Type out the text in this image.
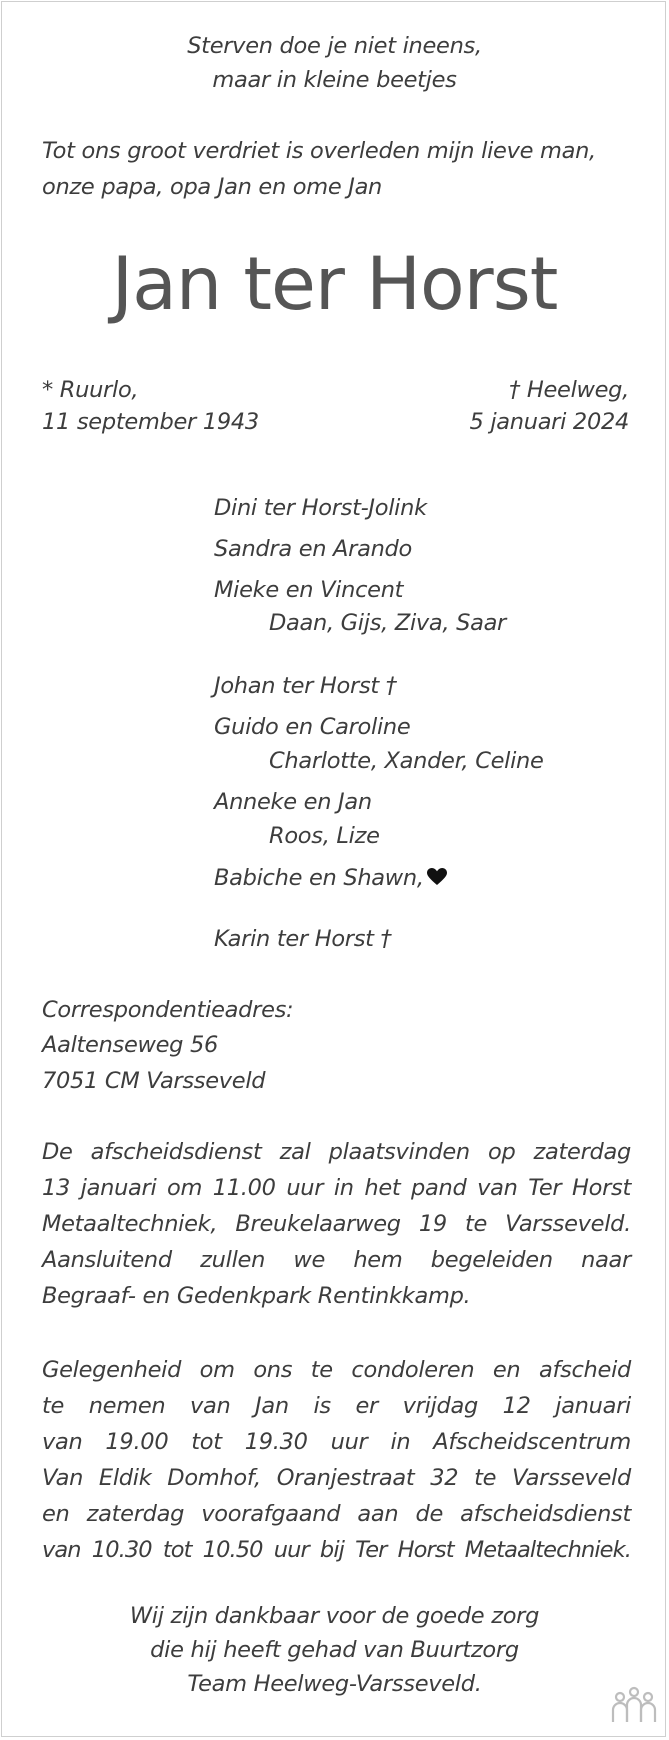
Sterven doe je niet ineens,
maar in kleine beetjes
Tot ons groot verdriet is overleden mijn lieve man,
onze papa, opa Jan en ome Jan
Jan ter Horst
* Ruurlo,
11 september 1943
† Heelweg,
5 januari 2024
Dini ter Horst-Jolink
Sandra en Arando
Mieke en Vincent
Daan, Gijs, Ziva, Saar
Johan ter Horst †
Guido en Caroline
Charlotte, Xander, Celine
Anneke en Jan
Roos, Lize
Babiche en Shawn,
Karin ter Horst †
Correspondentieadres:
Aaltenseweg 56
7051 CM Varsseveld
De afscheidsdienst zal plaatsvinden op zaterdag
13 januari om 11.00 uur in het pand van Ter Horst
Metaaltechniek, Breukelaarweg 19 te Varsseveld.
Aansluitend zullen we hem begeleiden naar
Begraaf- en Gedenkpark Rentinkkamp.
Gelegenheid om ons te condoleren en afscheid
te nemen van Jan is er vrijdag 12 januari
van 19.00 tot 19.30 uur in Afscheidscentrum
Van Eldik Domhof, Oranjestraat 32 te Varsseveld
en zaterdag voorafgaand aan de afscheidsdienst
van 10.30 tot 10.50 uur bij Ter Horst Metaaltechniek.
Wij zijn dankbaar voor de goede zorg
die hij heeft gehad van Buurtzorg
Team Heelweg-Varsseveld.
